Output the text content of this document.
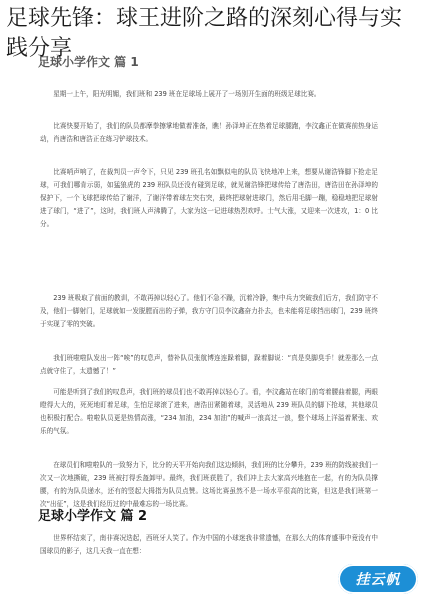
足球先锋：球王进阶之路的深刻心得与实践分享
足球小学作文 篇 1

星期一上午，阳光明媚，我们班和 239 班在足球场上展开了一场别开生面的班级足球比赛。

比赛快要开始了，我们的队员都摩拳擦掌地做着准备，瞧！孙泽坤正在热着足球腿跑，李汶鑫正在做赛前热身运动，肖唐浩和唐浩正在练习铲球技术。

比赛哨声响了，在裁判员一声令下，只见 239 班孔名如飘似电的队员飞快地冲上来，想要从谢浩锋脚下抢走足球，可我们哪肯示弱，如猛狼虎的 239 班队员还没有碰到足球，就见谢浩锋把球传给了唐浩田，唐浩田在孙泽坤的保护下，一个飞球把球传给了谢洋，了谢洋带着球左突右突，最终把球射进球门，然后用毛脚一蹦，稳稳地把足球射进了球门，“进了”，这时，我们班人声沸腾了，大家为这一记进球热烈欢呼。士气大涨，又迎来一次进攻，1：0 比分。

239 班吸取了前面的教训，不敢再掉以轻心了。他们不急不躁，沉着冷静，集中兵力突破我们后方，我们防守不及，他们一脚射门，足球就如一发脱膛而出的子弹，我方守门员李汶鑫奋力扑去，也未能将足球挡出球门，239 班终于实现了零的突破。

我们班啦啦队发出一阵“唉”的叹息声，替补队员张航博连连跺着脚，跺着脚说：“真是臭脚臭手！就差那么一点点就守住了，太遗憾了！”

可能是听到了我们的叹息声，我们班的球员们也不敢再掉以轻心了。看，李汶鑫站在球门前弯着腰曲着腿，两眼瞪得大大的，死死地盯着足球，生怕足球滚了进来，唐浩田紧随着球，灵活地从 239 班队员的脚下抢球，其他球员也积极打配合。啦啦队员更是热情高涨，“234 加油，234 加油”的喊声一浪高过一浪，整个球场上洋溢着紧张、欢乐的气氛。

在球员们和啦啦队的一致努力下，比分的天平开始向我们这边倾斜，我们班的比分攀升，239 班的防线被我们一次又一次地撕破，239 班被打得丢盔卸甲。最终，我们班获胜了，我们冲上去大家高兴地抱在一起，有的为队员撑腰，有的为队员递水，还有的竖起大拇指为队员点赞。这场比赛虽然不是一场水平很高的比赛，但这是我们班第一次“出征”，这是我们经历过的中最难忘的一场比赛。

足球小学作文 篇 2

世界杯结束了，南非赛况迭起，西班牙人笑了。作为中国的小球迷我非常遗憾，在那么大的体育盛事中竟没有中国球员的影子，这几天我一直在想：

挂云帆
